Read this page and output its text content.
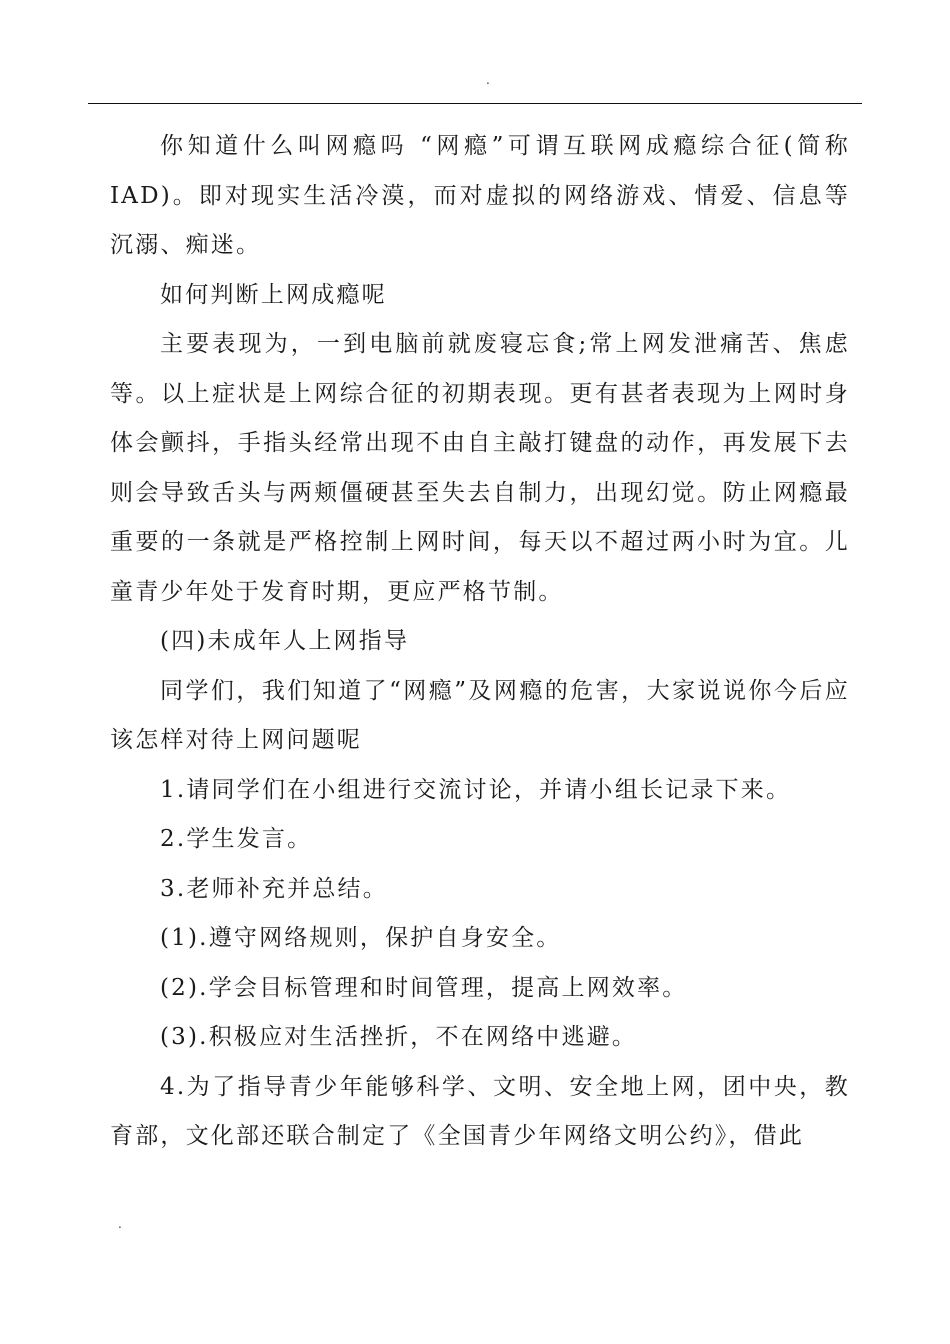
.

你知道什么叫网瘾吗 “网瘾”可谓互联网成瘾综合征(简称IAD)。即对现实生活冷漠，而对虚拟的网络游戏、情爱、信息等沉溺、痴迷。

如何判断上网成瘾呢

主要表现为，一到电脑前就废寝忘食;常上网发泄痛苦、焦虑等。以上症状是上网综合征的初期表现。更有甚者表现为上网时身体会颤抖，手指头经常出现不由自主敲打键盘的动作，再发展下去则会导致舌头与两颊僵硬甚至失去自制力，出现幻觉。防止网瘾最重要的一条就是严格控制上网时间，每天以不超过两小时为宜。儿童青少年处于发育时期，更应严格节制。

(四)未成年人上网指导

同学们，我们知道了“网瘾”及网瘾的危害，大家说说你今后应该怎样对待上网问题呢

1.请同学们在小组进行交流讨论，并请小组长记录下来。

2.学生发言。

3.老师补充并总结。

(1).遵守网络规则，保护自身安全。

(2).学会目标管理和时间管理，提高上网效率。

(3).积极应对生活挫折，不在网络中逃避。

4.为了指导青少年能够科学、文明、安全地上网，团中央，教育部，文化部还联合制定了《全国青少年网络文明公约》，借此

.
